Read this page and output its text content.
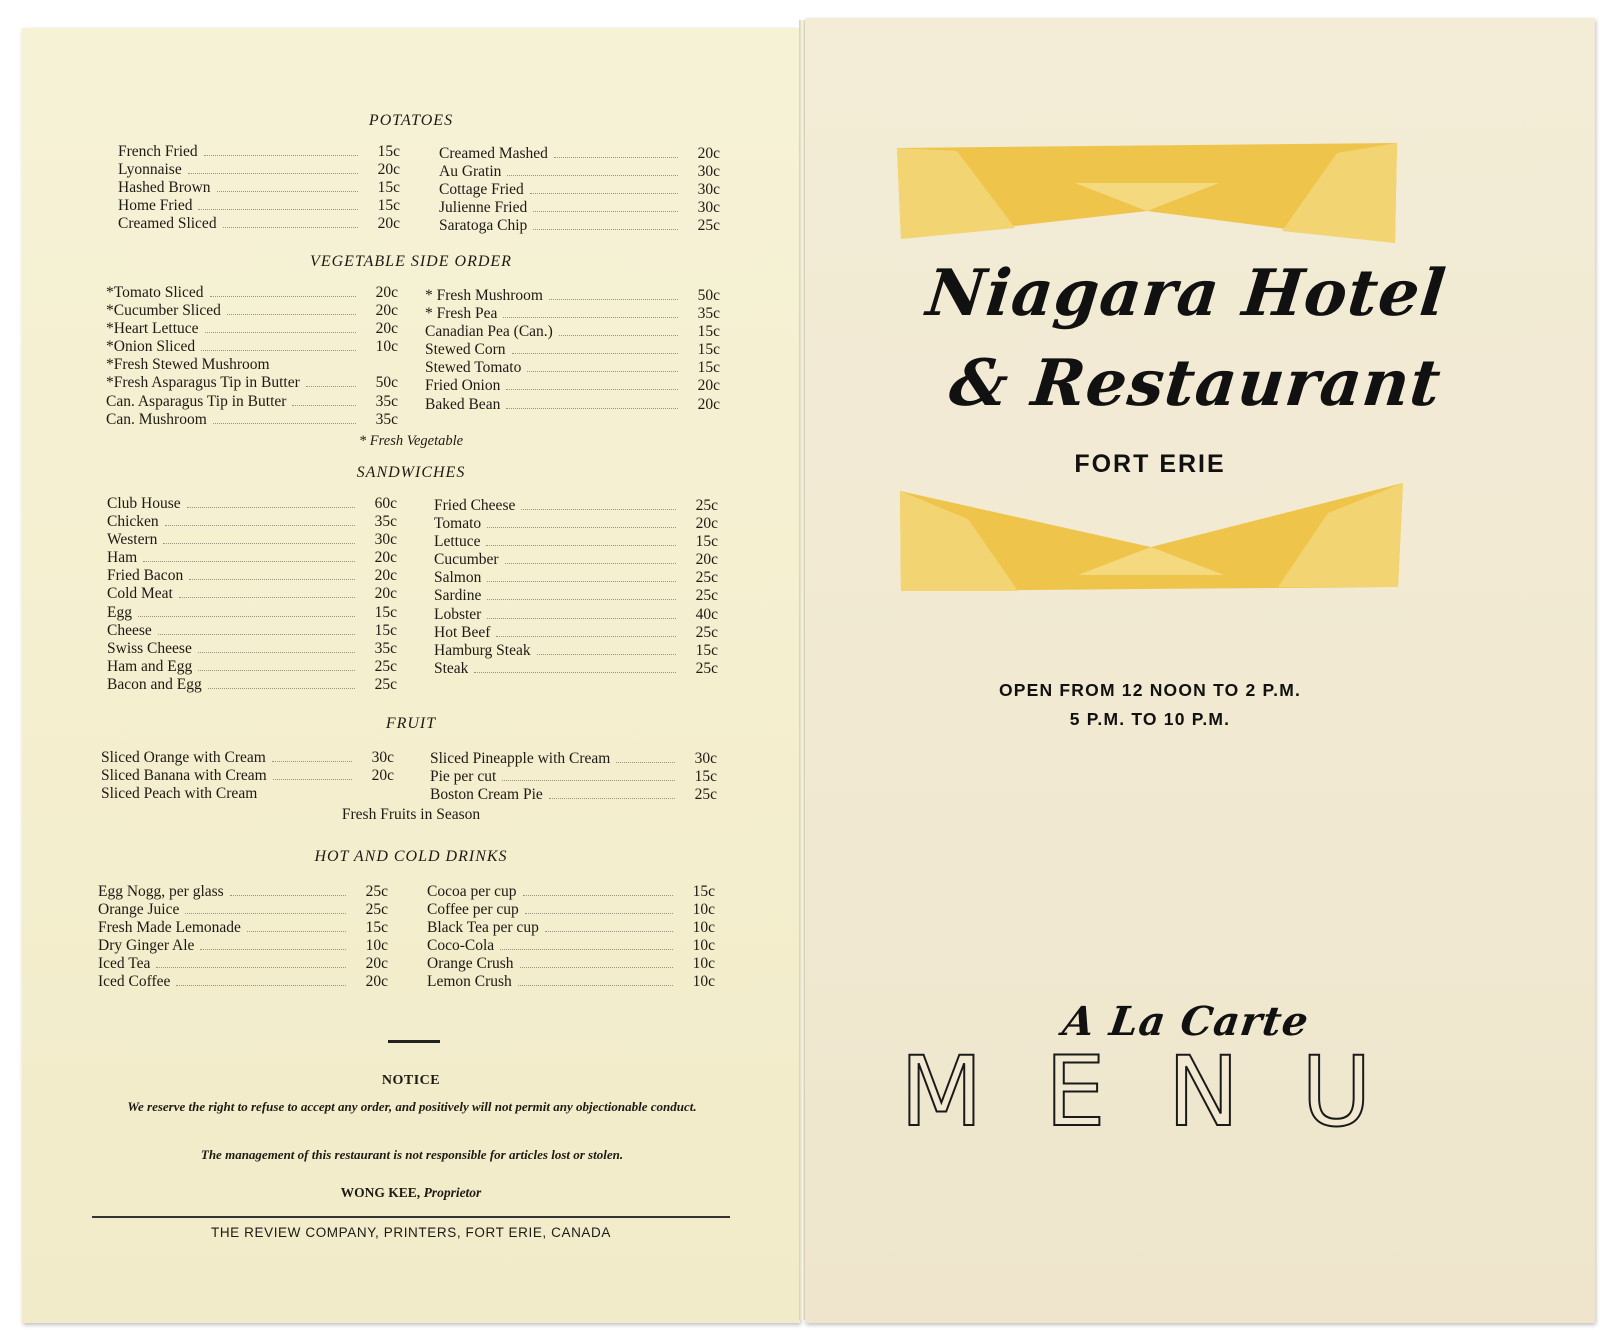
POTATOES
French Fried	15c
Lyonnaise	20c
Hashed Brown	15c
Home Fried	15c
Creamed Sliced	20c
Creamed Mashed	20c
Au Gratin	30c
Cottage Fried	30c
Julienne Fried	30c
Saratoga Chip	25c
VEGETABLE SIDE ORDER
*Tomato Sliced	20c
*Cucumber Sliced	20c
*Heart Lettuce	20c
*Onion Sliced	10c
*Fresh Stewed Mushroom
*Fresh Asparagus Tip in Butter	50c
Can. Asparagus Tip in Butter	35c
Can. Mushroom	35c
* Fresh Mushroom	50c
* Fresh Pea	35c
Canadian Pea (Can.)	15c
Stewed Corn	15c
Stewed Tomato	15c
Fried Onion	20c
Baked Bean	20c
* Fresh Vegetable
SANDWICHES
Club House	60c
Chicken	35c
Western	30c
Ham	20c
Fried Bacon	20c
Cold Meat	20c
Egg	15c
Cheese	15c
Swiss Cheese	35c
Ham and Egg	25c
Bacon and Egg	25c
Fried Cheese	25c
Tomato	20c
Lettuce	15c
Cucumber	20c
Salmon	25c
Sardine	25c
Lobster	40c
Hot Beef	25c
Hamburg Steak	15c
Steak	25c
FRUIT
Sliced Orange with Cream	30c
Sliced Banana with Cream	20c
Sliced Peach with Cream
Sliced Pineapple with Cream	30c
Pie per cut	15c
Boston Cream Pie	25c
Fresh Fruits in Season
HOT AND COLD DRINKS
Egg Nogg, per glass	25c
Orange Juice	25c
Fresh Made Lemonade	15c
Dry Ginger Ale	10c
Iced Tea	20c
Iced Coffee	20c
Cocoa per cup	15c
Coffee per cup	10c
Black Tea per cup	10c
Coco-Cola	10c
Orange Crush	10c
Lemon Crush	10c
NOTICE
We reserve the right to refuse to accept any order, and positively will not permit any objectionable conduct.
The management of this restaurant is not responsible for articles lost or stolen.
WONG KEE, Proprietor
THE REVIEW COMPANY, PRINTERS, FORT ERIE, CANADA
Niagara Hotel
& Restaurant
FORT ERIE
OPEN FROM 12 NOON TO 2 P.M.
5 P.M. TO 10 P.M.
A La Carte
MENU
